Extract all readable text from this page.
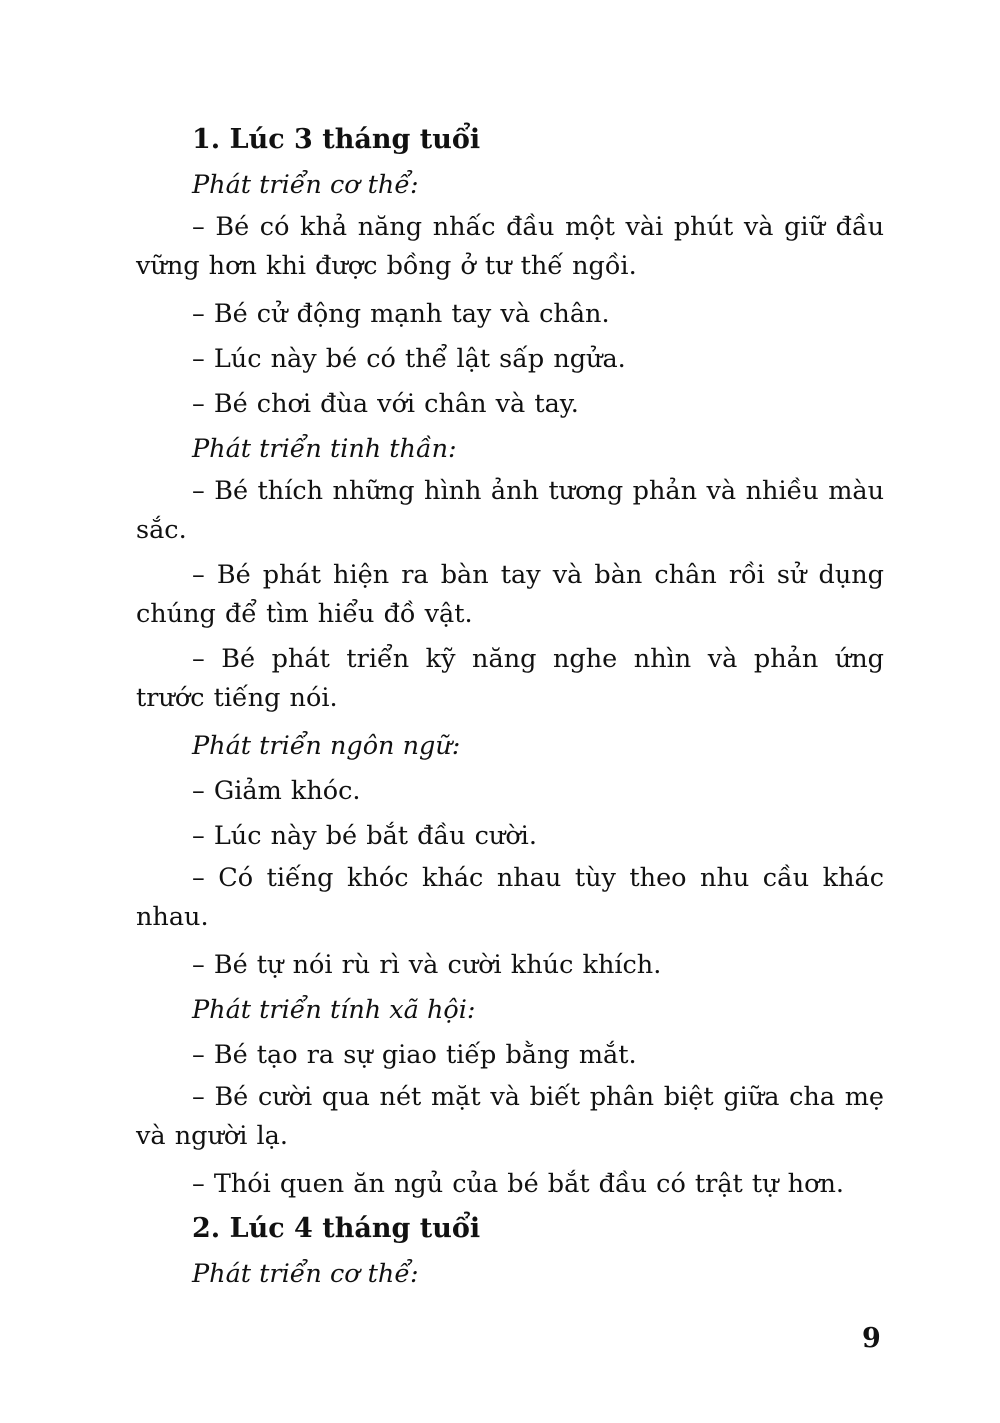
1. Lúc 3 tháng tuổi
Phát triển cơ thể:

– Bé có khả năng nhấc đầu một vài phút và giữ đầu vững hơn khi được bồng ở tư thế ngồi.

– Bé cử động mạnh tay và chân.

– Lúc này bé có thể lật sấp ngửa.

– Bé chơi đùa với chân và tay.

Phát triển tinh thần:

– Bé thích những hình ảnh tương phản và nhiều màu sắc.

– Bé phát hiện ra bàn tay và bàn chân rồi sử dụng chúng để tìm hiểu đồ vật.

– Bé phát triển kỹ năng nghe nhìn và phản ứng trước tiếng nói.

Phát triển ngôn ngữ:

– Giảm khóc.

– Lúc này bé bắt đầu cười.

– Có tiếng khóc khác nhau tùy theo nhu cầu khác nhau.

– Bé tự nói rù rì và cười khúc khích.

Phát triển tính xã hội:

– Bé tạo ra sự giao tiếp bằng mắt.

– Bé cười qua nét mặt và biết phân biệt giữa cha mẹ và người lạ.

– Thói quen ăn ngủ của bé bắt đầu có trật tự hơn.

2. Lúc 4 tháng tuổi
Phát triển cơ thể:
9
